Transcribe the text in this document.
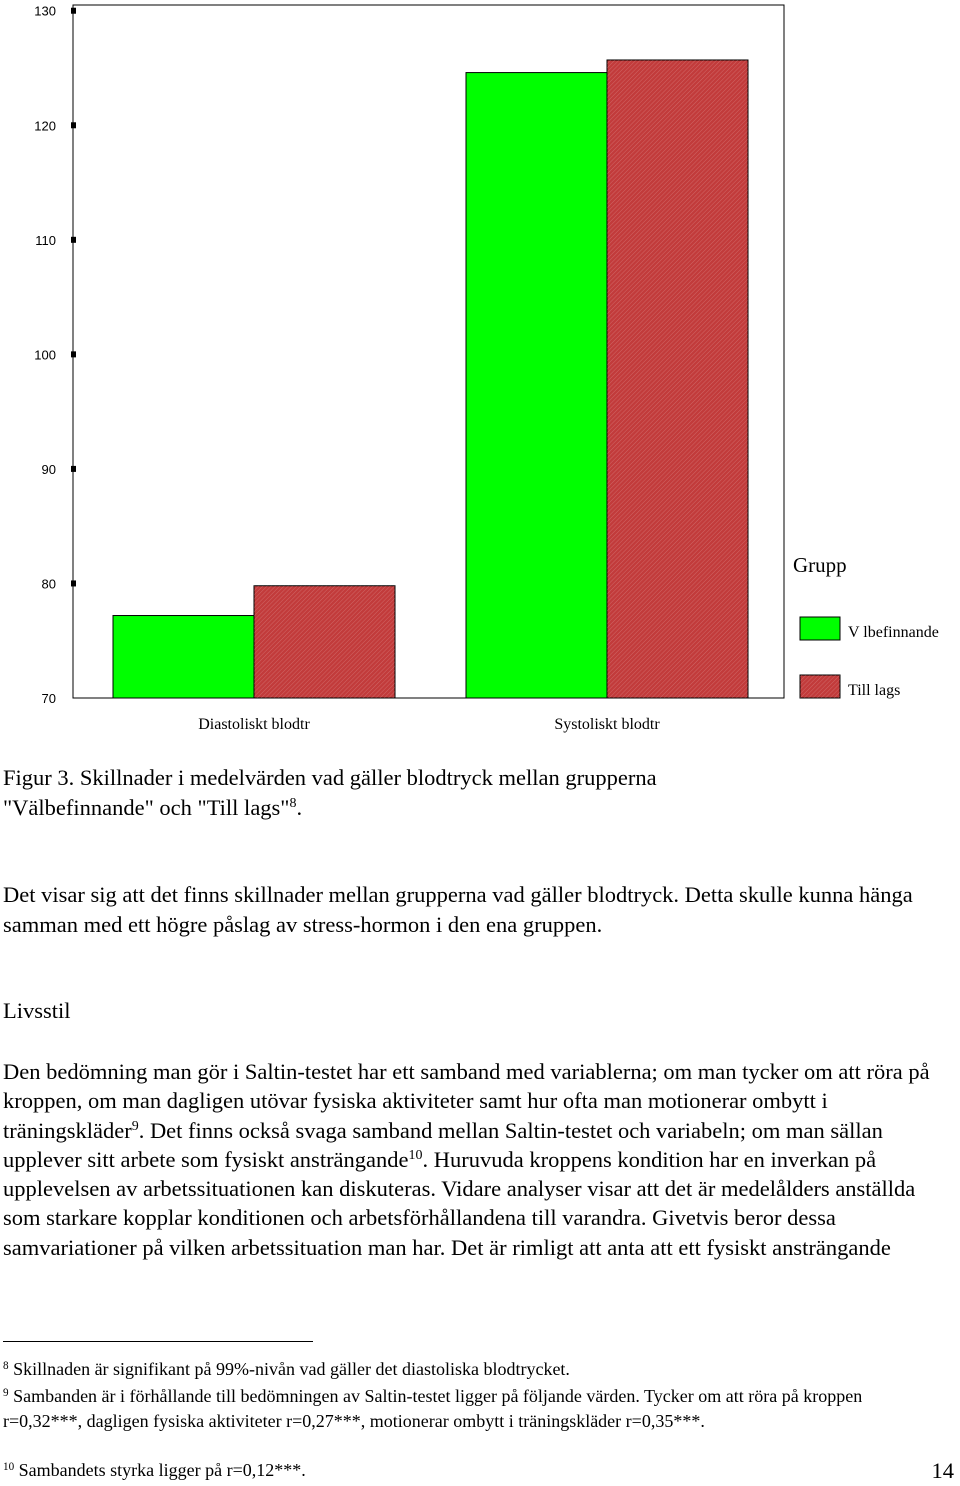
70
80
90
100
110
120
130
Diastoliskt blodtr	Systoliskt blodtr
Grupp
V lbefinnande
Till lags

Figur 3. Skillnader i medelvärden vad gäller blodtryck mellan grupperna
"Välbefinnande" och "Till lags"$^8$.

Det visar sig att det finns skillnader mellan grupperna vad gäller blodtryck. Detta skulle kunna hänga samman med ett högre påslag av stress-hormon i den ena gruppen.

Livsstil

Den bedömning man gör i Saltin-testet har ett samband med variablerna; om man tycker om att röra på kroppen, om man dagligen utövar fysiska aktiviteter samt hur ofta man motionerar ombytt i träningskläder$^9$. Det finns också svaga samband mellan Saltin-testet och variabeln; om man sällan upplever sitt arbete som fysiskt ansträngande$^{10}$. Huruvuda kroppens kondition har en inverkan på upplevelsen av arbetssituationen kan diskuteras. Vidare analyser visar att det är medelålders anställda som starkare kopplar konditionen och arbetsförhållandena till varandra. Givetvis beror dessa samvariationer på vilken arbetssituation man har. Det är rimligt att anta att ett fysiskt ansträngande

$^8$ Skillnaden är signifikant på 99%-nivån vad gäller det diastoliska blodtrycket.

$^9$ Sambanden är i förhållande till bedömningen av Saltin-testet ligger på följande värden. Tycker om att röra på kroppen r=0,32***, dagligen fysiska aktiviteter r=0,27***, motionerar ombytt i träningskläder r=0,35***.

$^{10}$ Sambandets styrka ligger på r=0,12***.	14
